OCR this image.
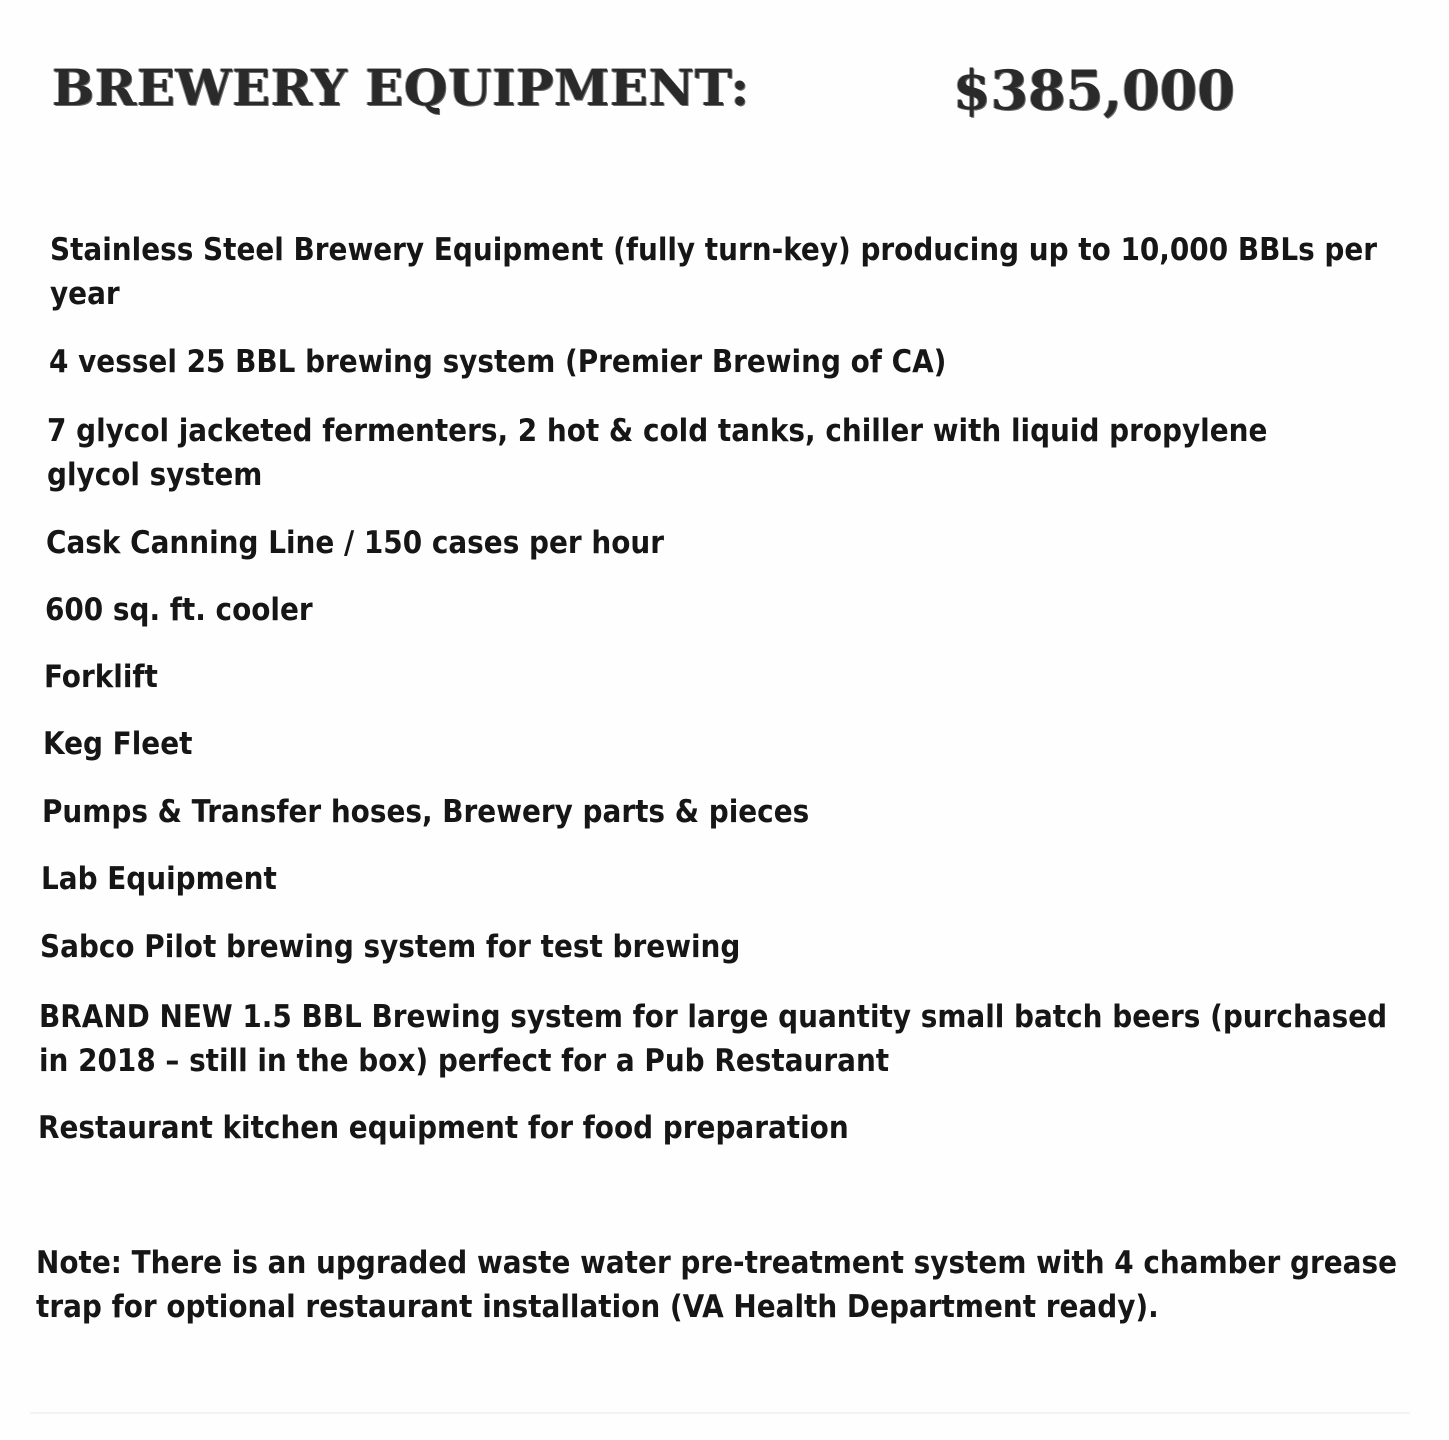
BREWERY EQUIPMENT:	$385,000

Stainless Steel Brewery Equipment (fully turn-key) producing up to 10,000 BBLs per year

4 vessel 25 BBL brewing system (Premier Brewing of CA)

7 glycol jacketed fermenters, 2 hot & cold tanks, chiller with liquid propylene glycol system

Cask Canning Line / 150 cases per hour

600 sq. ft. cooler

Forklift

Keg Fleet

Pumps & Transfer hoses, Brewery parts & pieces

Lab Equipment

Sabco Pilot brewing system for test brewing

BRAND NEW 1.5 BBL Brewing system for large quantity small batch beers (purchased in 2018 – still in the box) perfect for a Pub Restaurant

Restaurant kitchen equipment for food preparation

Note: There is an upgraded waste water pre-treatment system with 4 chamber grease trap for optional restaurant installation (VA Health Department ready).
